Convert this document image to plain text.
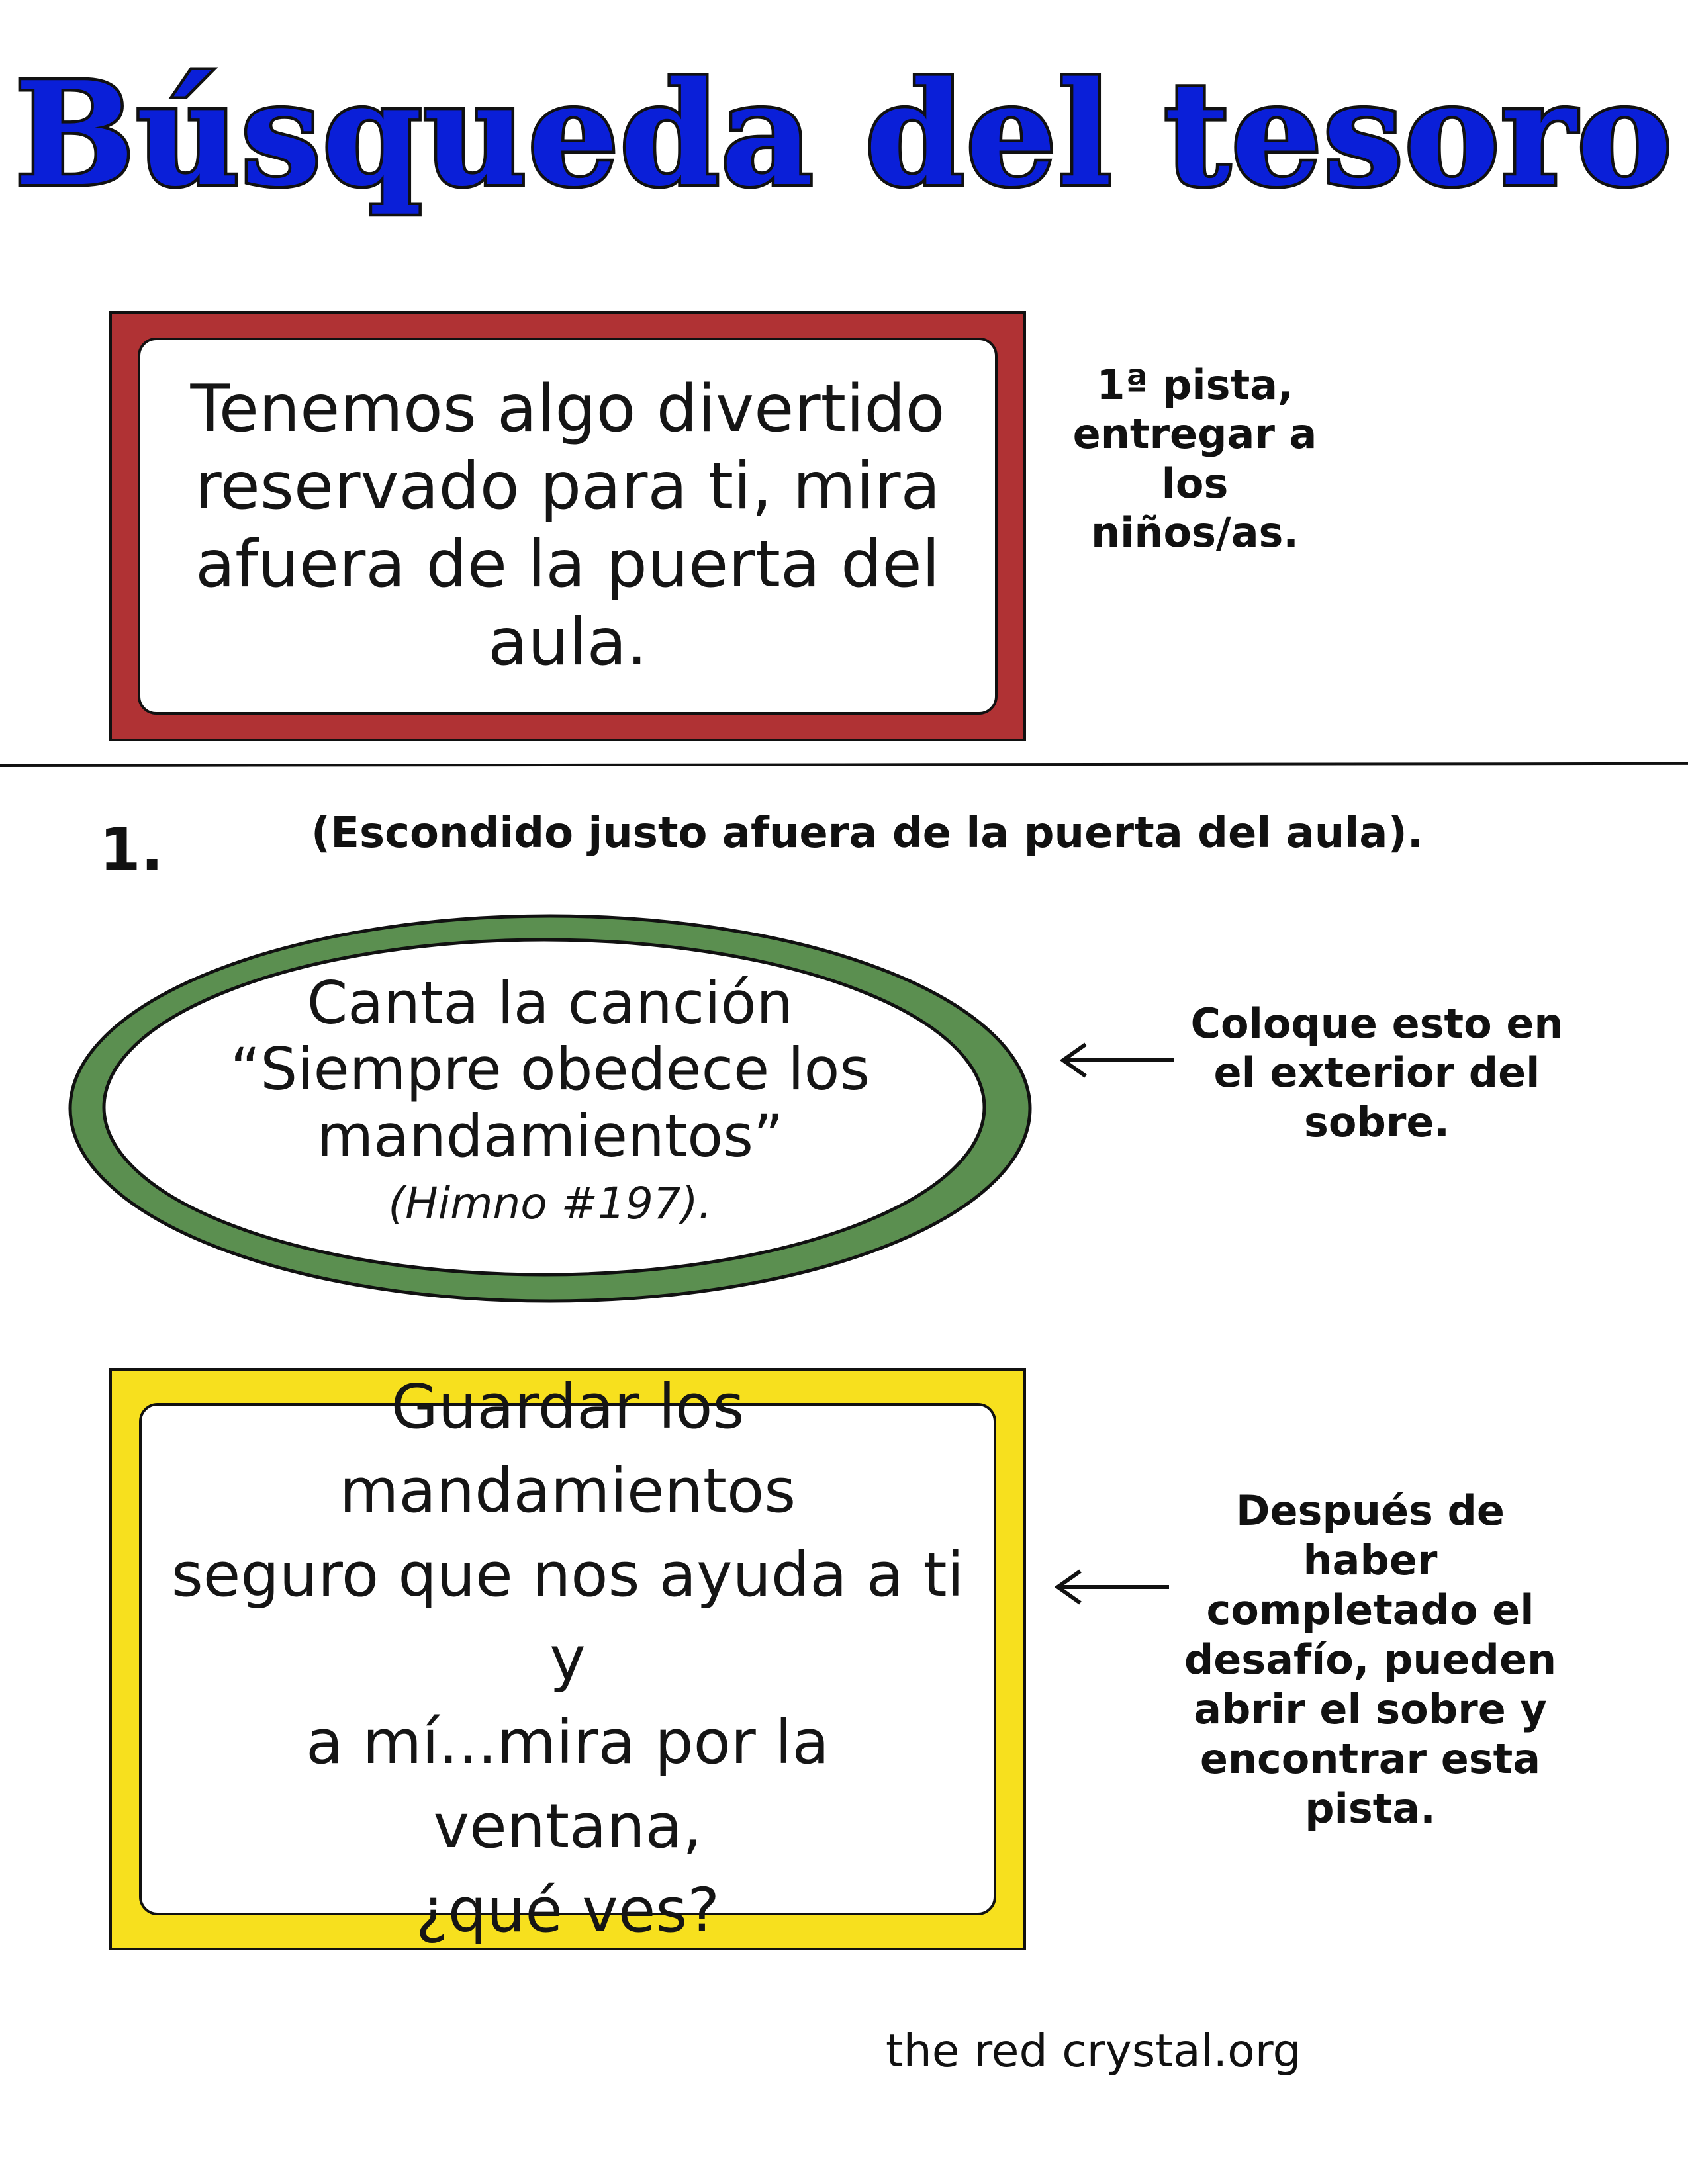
Búsqueda del tesoro
Tenemos algo divertido
reservado para ti, mira
afuera de la puerta del
aula.
1ª pista,
entregar a
los
niños/as.
1.	(Escondido justo afuera de la puerta del aula).
Canta la canción
“Siempre obedece los
mandamientos”
(Himno #197).
Coloque esto en
el exterior del
sobre.
Guardar los mandamientos
seguro que nos ayuda a ti y
a mí...mira por la ventana,
¿qué ves?
Después de
haber
completado el
desafío, pueden
abrir el sobre y
encontrar esta
pista.
the red crystal.org
